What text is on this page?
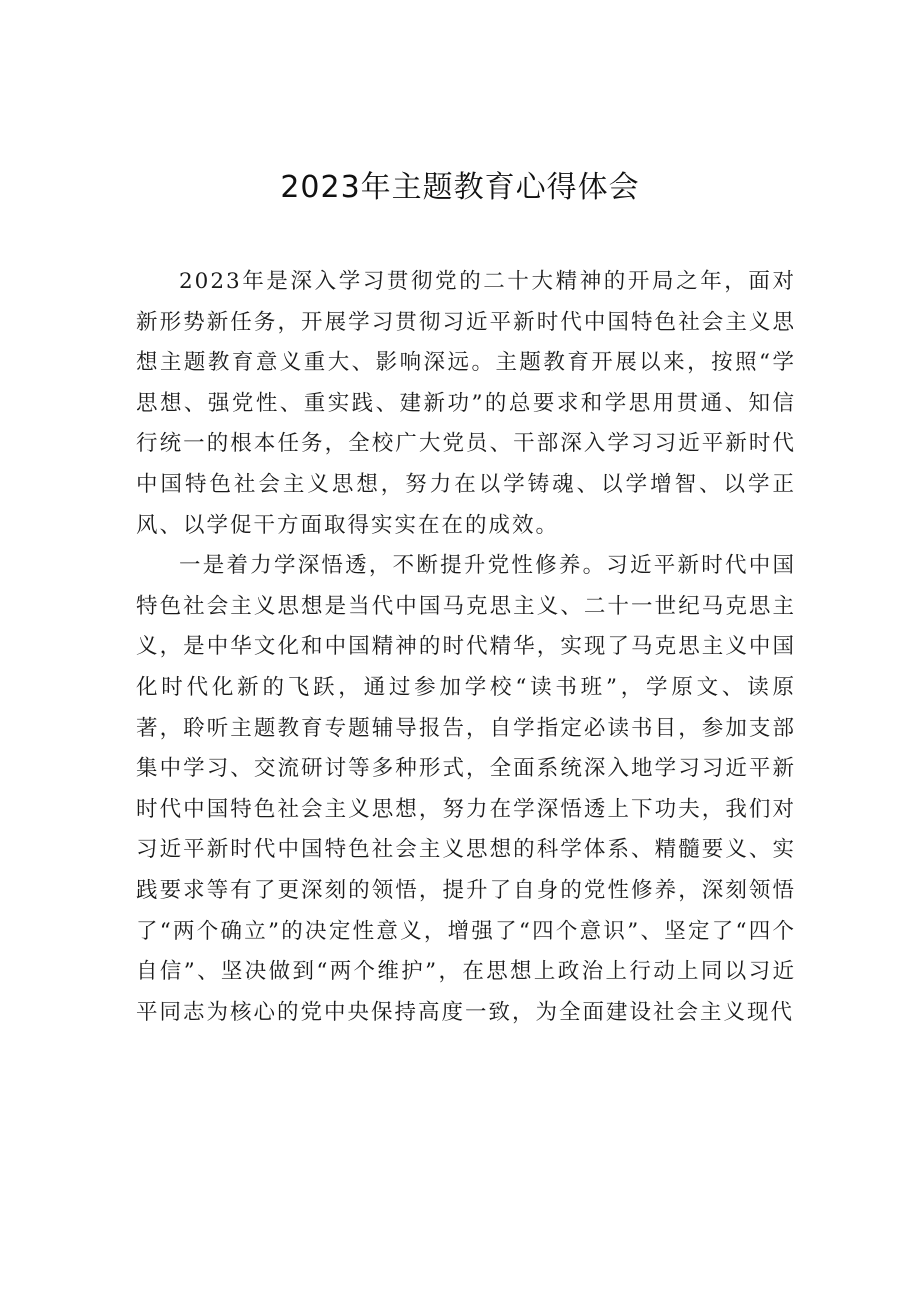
2023年主题教育心得体会

2023年是深入学习贯彻党的二十大精神的开局之年，面对新形势新任务，开展学习贯彻习近平新时代中国特色社会主义思想主题教育意义重大、影响深远。主题教育开展以来，按照“学思想、强党性、重实践、建新功”的总要求和学思用贯通、知信行统一的根本任务，全校广大党员、干部深入学习习近平新时代中国特色社会主义思想，努力在以学铸魂、以学增智、以学正风、以学促干方面取得实实在在的成效。

一是着力学深悟透，不断提升党性修养。习近平新时代中国特色社会主义思想是当代中国马克思主义、二十一世纪马克思主义，是中华文化和中国精神的时代精华，实现了马克思主义中国化时代化新的飞跃，通过参加学校“读书班”，学原文、读原著，聆听主题教育专题辅导报告，自学指定必读书目，参加支部集中学习、交流研讨等多种形式，全面系统深入地学习习近平新时代中国特色社会主义思想，努力在学深悟透上下功夫，我们对习近平新时代中国特色社会主义思想的科学体系、精髓要义、实践要求等有了更深刻的领悟，提升了自身的党性修养，深刻领悟了“两个确立”的决定性意义，增强了“四个意识”、坚定了“四个自信”、坚决做到“两个维护”，在思想上政治上行动上同以习近平同志为核心的党中央保持高度一致，为全面建设社会主义现代
